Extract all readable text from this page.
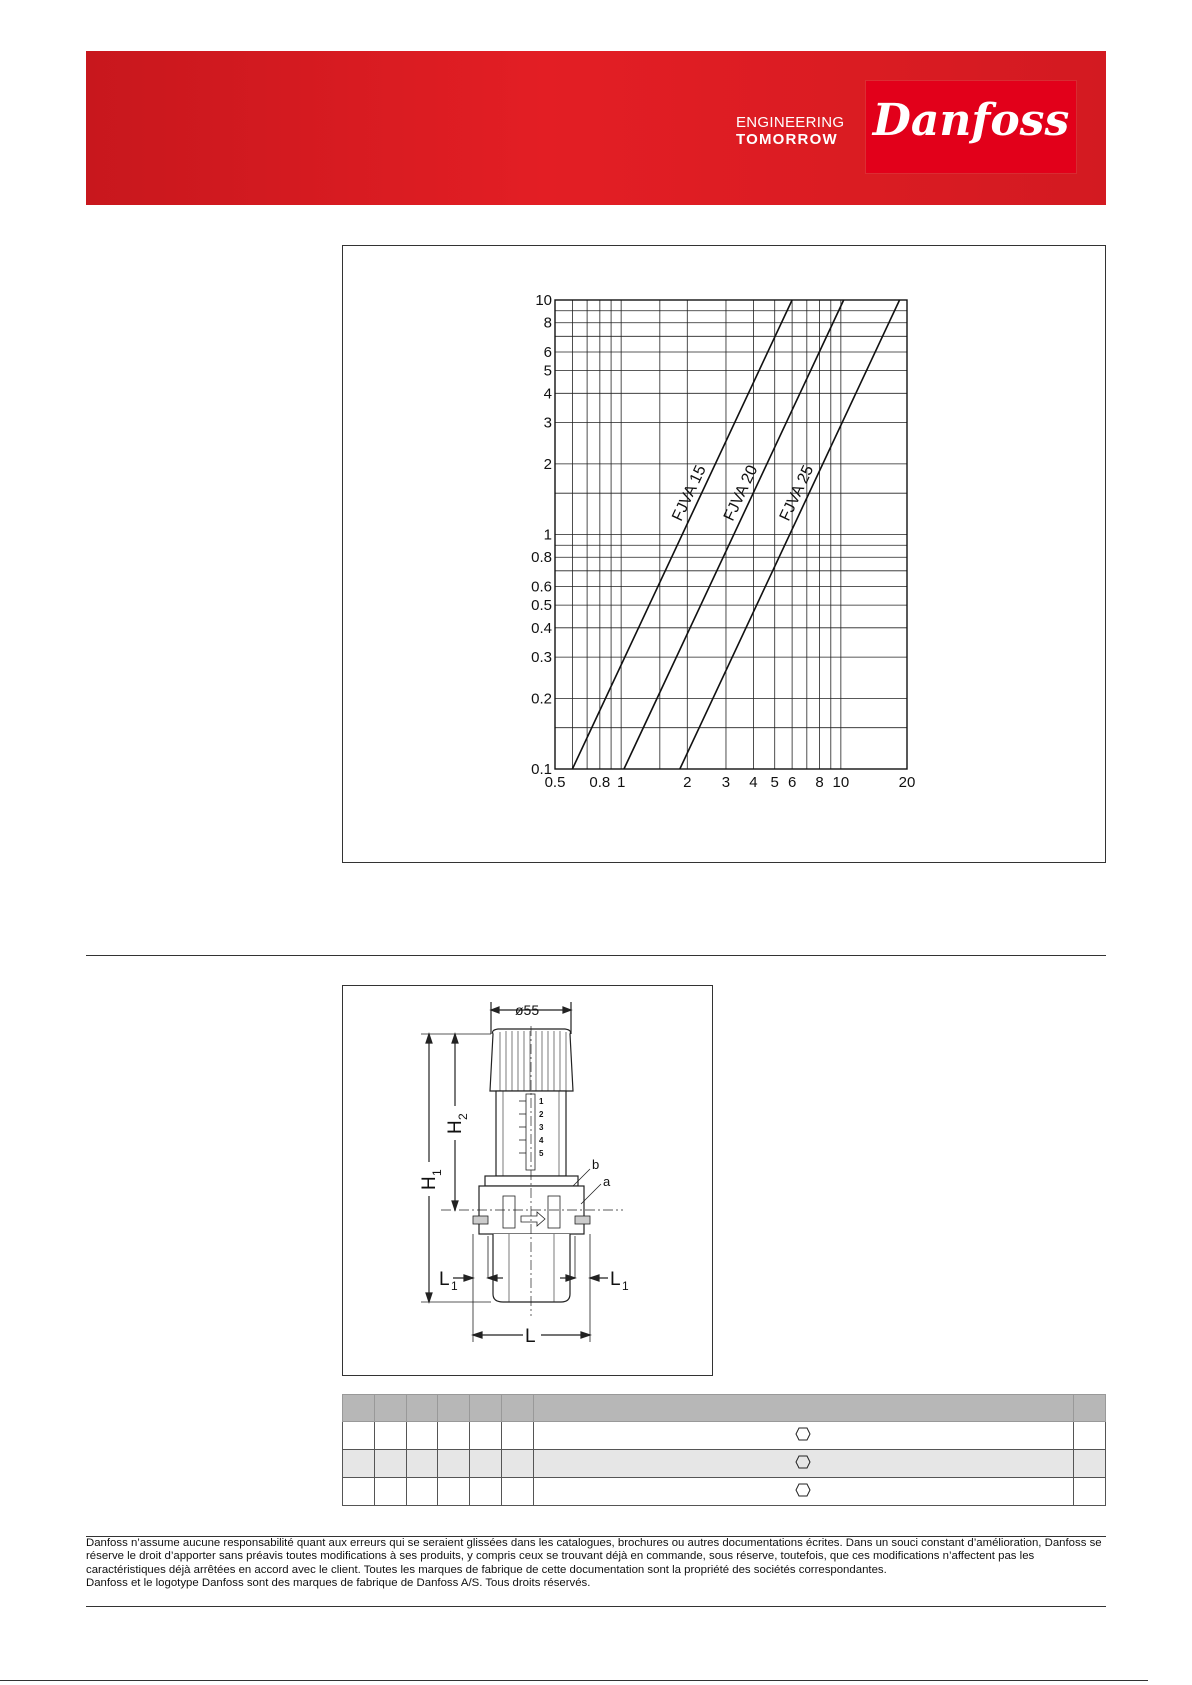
ENGINEERING
TOMORROW Danfoss
0.5 0.8 1	2 3 4 5 6 8 10	20
0.1
0.2
0.3
0.4
0.5
0.6
0.8
1
2
3
4
5
6
8
10
FJVA 15 FJVA 20 FJVA 25
ø55
1
2
3
4
5
H
1
H
2
L 1	L 1
L
b
a

Danfoss n’assume aucune responsabilité quant aux erreurs qui se seraient glissées dans les catalogues, brochures ou autres documentations écrites. Dans un souci constant d’amélioration, Danfoss se réserve le droit d’apporter sans préavis toutes modifications à ses produits, y compris ceux se trouvant déjà en commande, sous réserve, toutefois, que ces modifications n’affectent pas les caractéristiques déjà arrêtées en accord avec le client. Toutes les marques de fabrique de cette documentation sont la propriété des sociétés correspondantes.
Danfoss et le logotype Danfoss sont des marques de fabrique de Danfoss A/S. Tous droits réservés.
